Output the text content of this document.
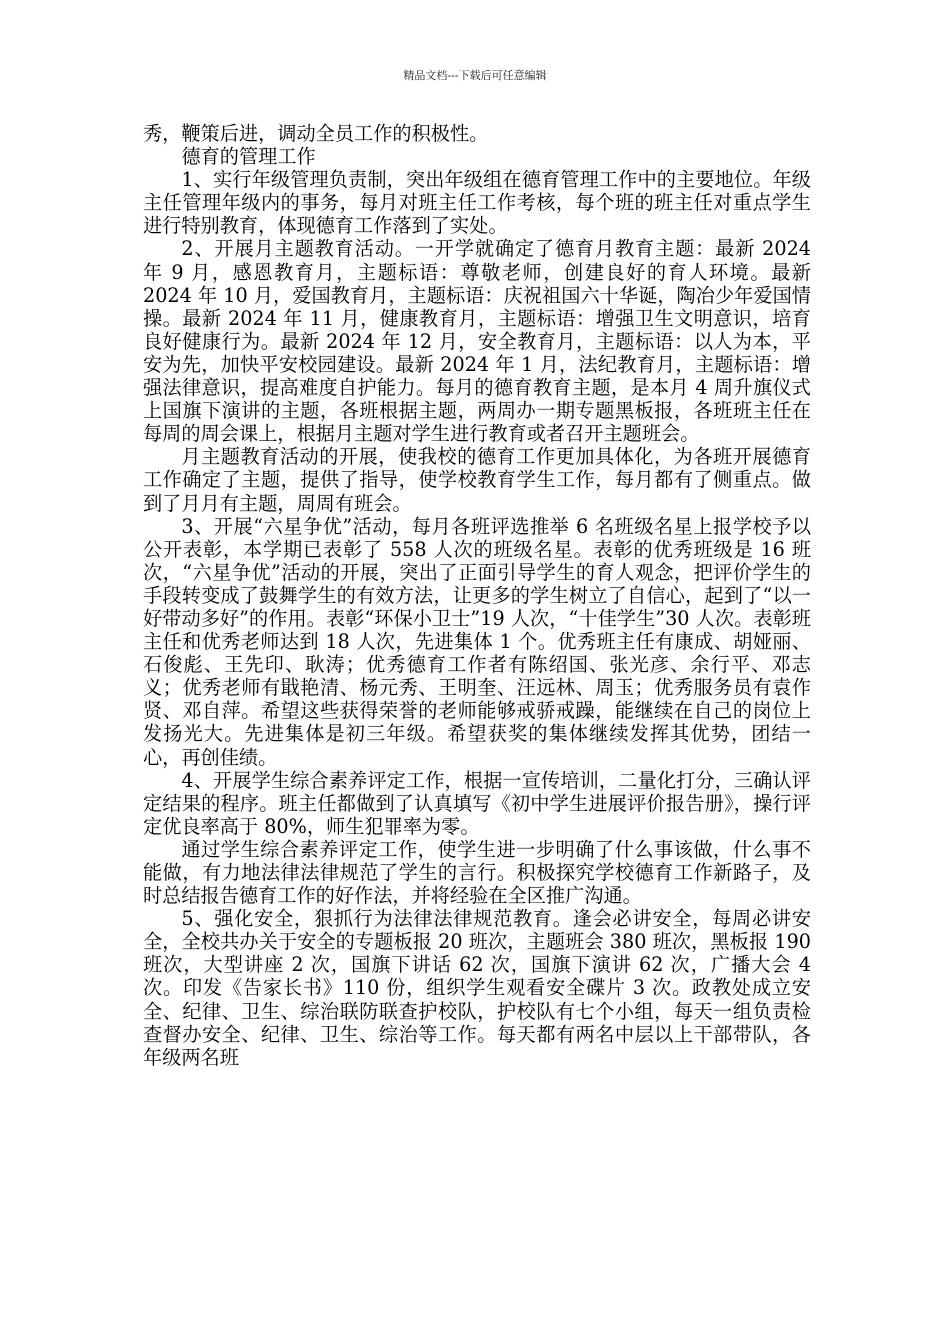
精品文档---下载后可任意编辑

秀，鞭策后进，调动全员工作的积极性。

德育的管理工作

1、实行年级管理负责制，突出年级组在德育管理工作中的主要地位。年级主任管理年级内的事务，每月对班主任工作考核，每个班的班主任对重点学生进行特别教育，体现德育工作落到了实处。

2、开展月主题教育活动。一开学就确定了德育月教育主题：最新 2024 年 9 月，感恩教育月，主题标语：尊敬老师，创建良好的育人环境。最新 2024 年 10 月，爱国教育月，主题标语：庆祝祖国六十华诞，陶冶少年爱国情操。最新 2024 年 11 月，健康教育月，主题标语：增强卫生文明意识，培育良好健康行为。最新 2024 年 12 月，安全教育月，主题标语：以人为本，平安为先，加快平安校园建设。最新 2024 年 1 月，法纪教育月，主题标语：增强法律意识，提高难度自护能力。每月的德育教育主题，是本月 4 周升旗仪式上国旗下演讲的主题，各班根据主题，两周办一期专题黑板报，各班班主任在每周的周会课上，根据月主题对学生进行教育或者召开主题班会。

月主题教育活动的开展，使我校的德育工作更加具体化，为各班开展德育工作确定了主题，提供了指导，使学校教育学生工作，每月都有了侧重点。做到了月月有主题，周周有班会。

3、开展“六星争优”活动，每月各班评选推举 6 名班级名星上报学校予以公开表彰，本学期已表彰了 558 人次的班级名星。表彰的优秀班级是 16 班次，“六星争优”活动的开展，突出了正面引导学生的育人观念，把评价学生的手段转变成了鼓舞学生的有效方法，让更多的学生树立了自信心，起到了“以一好带动多好”的作用。表彰“环保小卫士”19 人次，“十佳学生”30 人次。表彰班主任和优秀老师达到 18 人次，先进集体 1 个。优秀班主任有康成、胡娅丽、石俊彪、王先印、耿涛；优秀德育工作者有陈绍国、张光彦、余行平、邓志义；优秀老师有戢艳清、杨元秀、王明奎、汪远林、周玉；优秀服务员有袁作贤、邓自萍。希望这些获得荣誉的老师能够戒骄戒躁，能继续在自己的岗位上发扬光大。先进集体是初三年级。希望获奖的集体继续发挥其优势，团结一心，再创佳绩。

4、开展学生综合素养评定工作，根据一宣传培训，二量化打分，三确认评定结果的程序。班主任都做到了认真填写《初中学生进展评价报告册》，操行评定优良率高于 80%，师生犯罪率为零。

通过学生综合素养评定工作，使学生进一步明确了什么事该做，什么事不能做，有力地法律法律规范了学生的言行。积极探究学校德育工作新路子，及时总结报告德育工作的好作法，并将经验在全区推广沟通。

5、强化安全，狠抓行为法律法律规范教育。逢会必讲安全，每周必讲安全，全校共办关于安全的专题板报 20 班次，主题班会 380 班次，黑板报 190 班次，大型讲座 2 次，国旗下讲话 62 次，国旗下演讲 62 次，广播大会 4 次。印发《告家长书》110 份，组织学生观看安全碟片 3 次。政教处成立安全、纪律、卫生、综治联防联查护校队，护校队有七个小组，每天一组负责检查督办安全、纪律、卫生、综治等工作。每天都有两名中层以上干部带队，各年级两名班
